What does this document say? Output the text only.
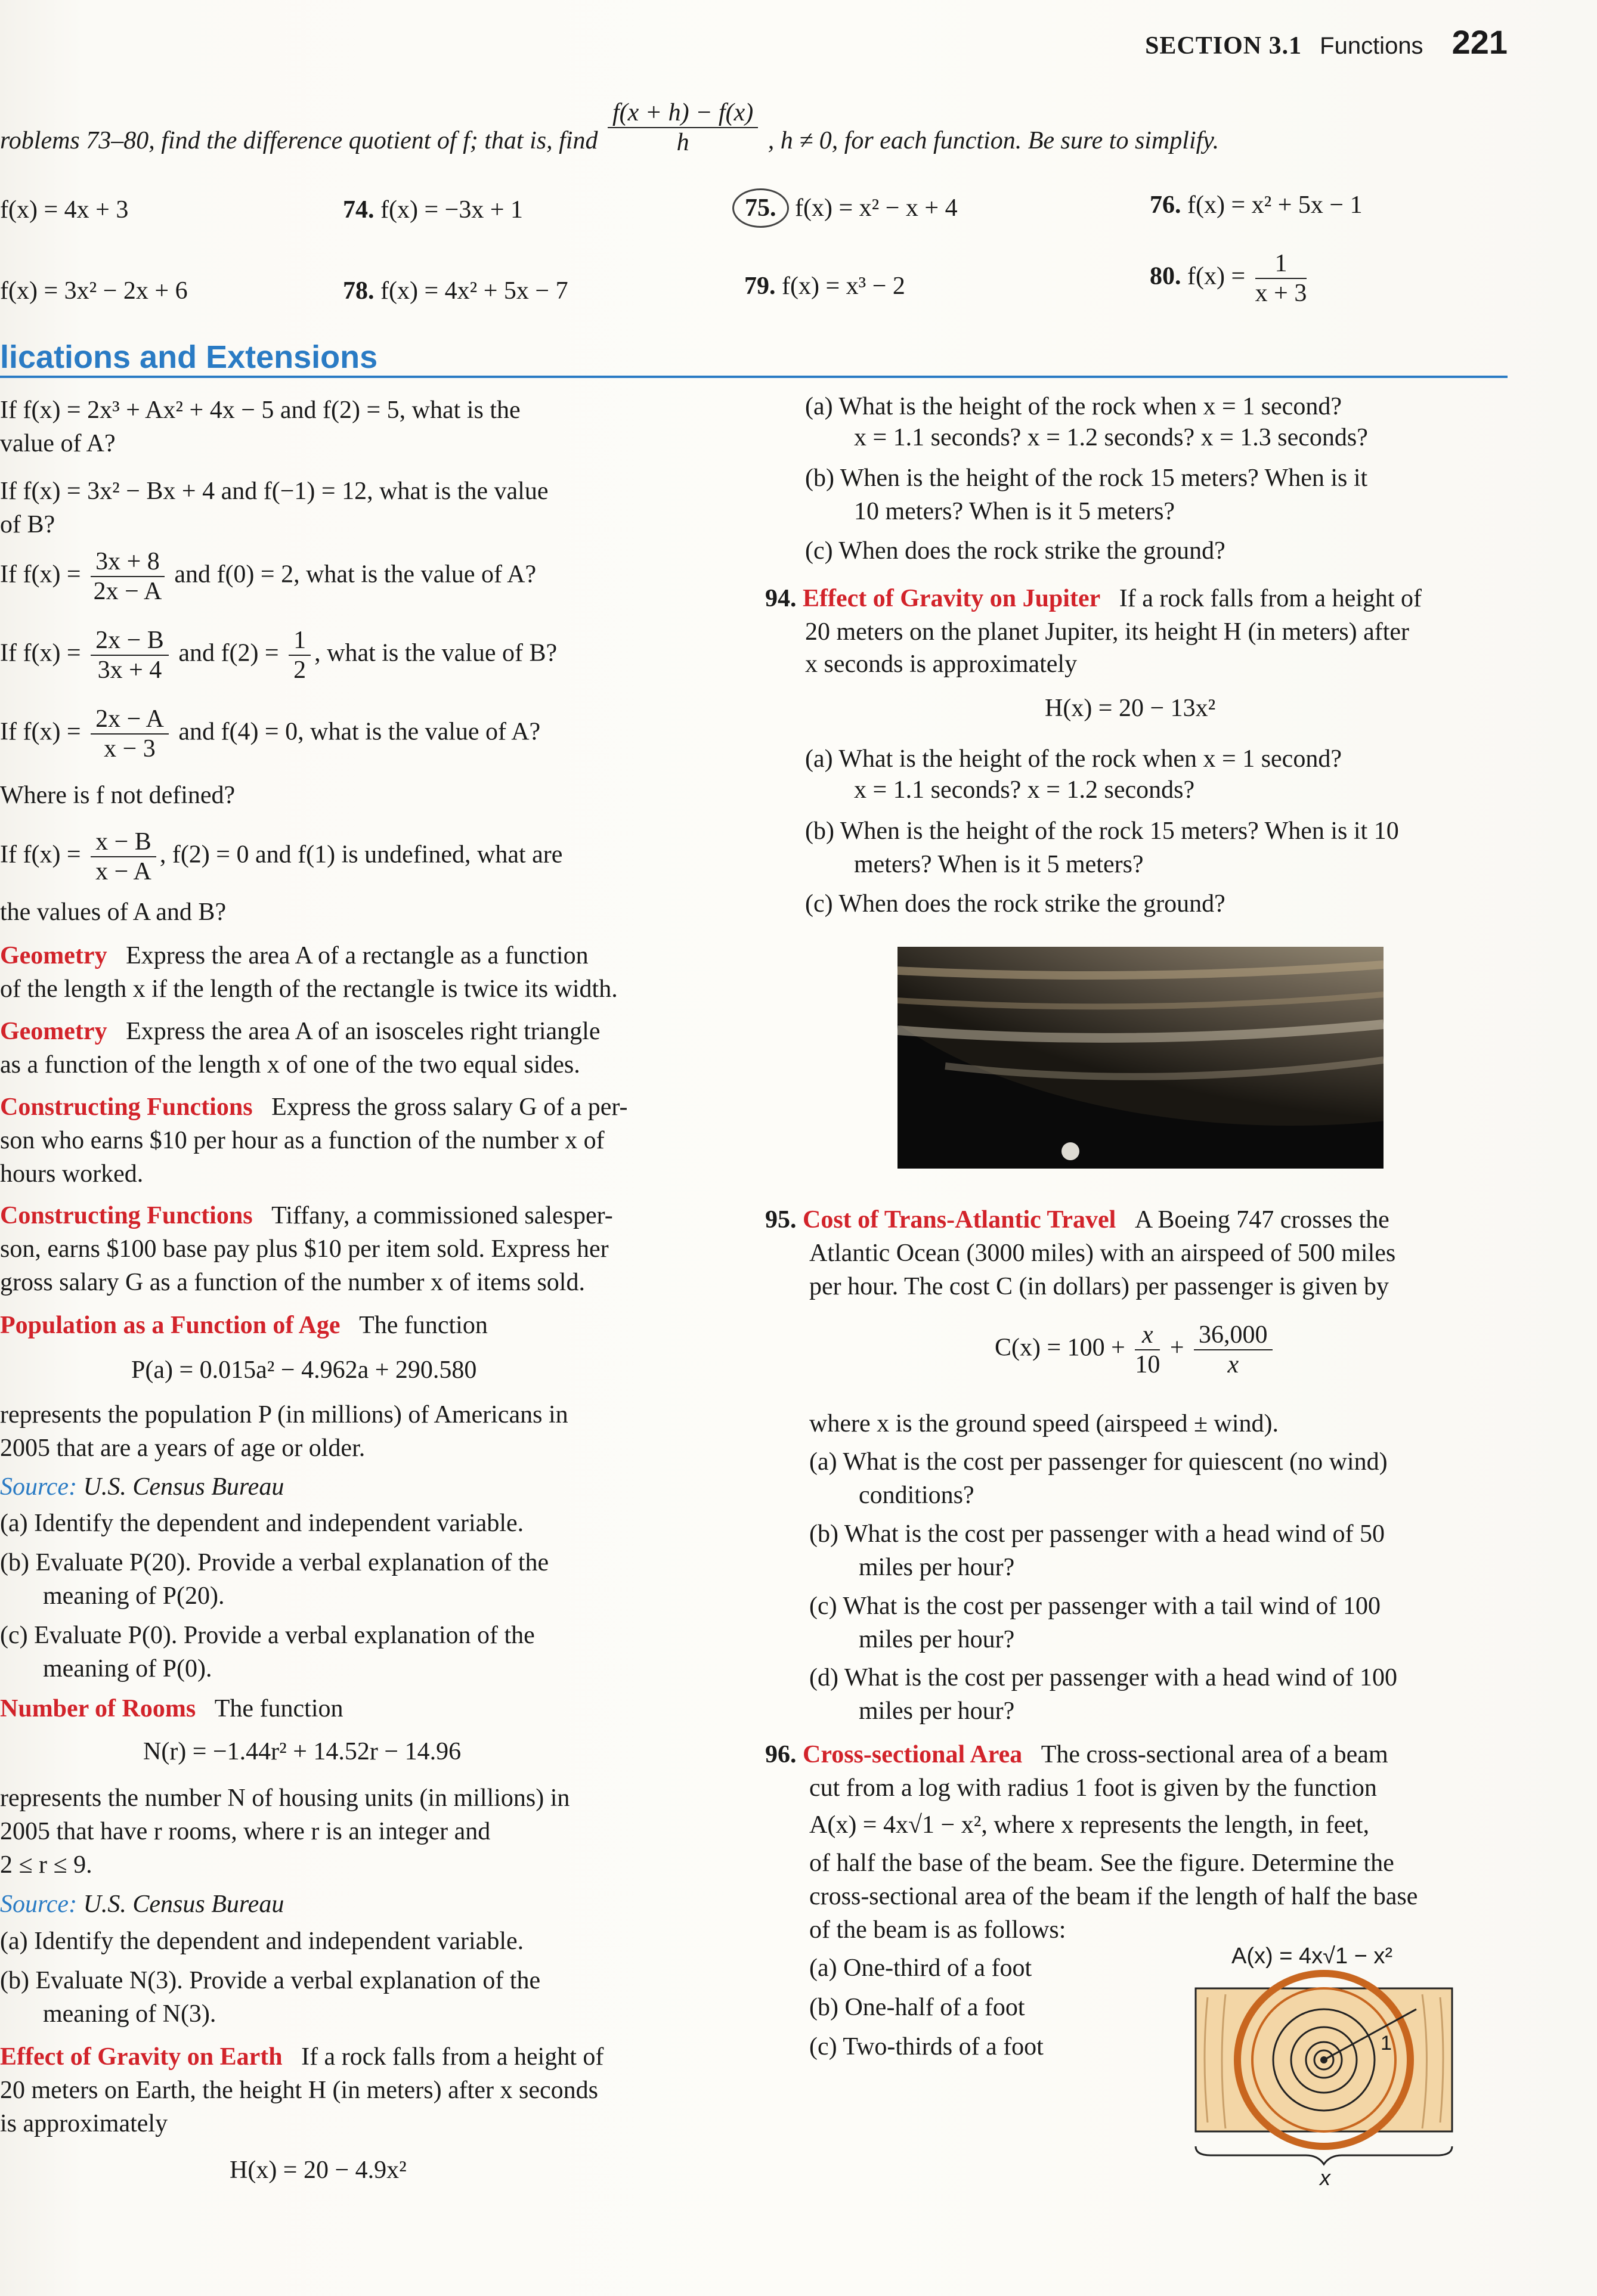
SECTION 3.1 Functions 221
roblems 73–80, find the difference quotient of f; that is, find $\frac{f(x + h) - f(x)}{h}$ , h ≠ 0, for each function. Be sure to simplify.
f(x) = 4x + 3	74. f(x) = −3x + 1	75. f(x) = x² − x + 4	76. f(x) = x² + 5x − 1
f(x) = 3x² − 2x + 6	78. f(x) = 4x² + 5x − 7	79. f(x) = x³ − 2	80. $f(x) = \frac{1}{x + 3}$
lications and Extensions
If f(x) = 2x³ + Ax² + 4x − 5 and f(2) = 5, what is the
value of A?
If f(x) = 3x² − Bx + 4 and f(−1) = 12, what is the value
of B?
If $f(x) = \frac{3x + 8}{2x - A}$ and f(0) = 2, what is the value of A?
If $f(x) = \frac{2x - B}{3x + 4}$ and $f(2) = \frac{1}{2}$ , what is the value of B?
If $f(x) = \frac{2x - A}{x - 3}$ and f(4) = 0, what is the value of A?
Where is f not defined?
If $f(x) = \frac{x - B}{x - A}$ , f(2) = 0 and f(1) is undefined, what are
the values of A and B?
Geometry Express the area A of a rectangle as a function
of the length x if the length of the rectangle is twice its width.
Geometry Express the area A of an isosceles right triangle
as a function of the length x of one of the two equal sides.
Constructing Functions Express the gross salary G of a per-
son who earns $10 per hour as a function of the number x of
hours worked.
Constructing Functions Tiffany, a commissioned salesper-
son, earns $100 base pay plus $10 per item sold. Express her
gross salary G as a function of the number x of items sold.
Population as a Function of Age The function
P(a) = 0.015a² − 4.962a + 290.580
represents the population P (in millions) of Americans in
2005 that are a years of age or older.
Source: U.S. Census Bureau
(a) Identify the dependent and independent variable.
(b) Evaluate P(20). Provide a verbal explanation of the
meaning of P(20).
(c) Evaluate P(0). Provide a verbal explanation of the
meaning of P(0).
Number of Rooms The function
N(r) = −1.44r² + 14.52r − 14.96
represents the number N of housing units (in millions) in
2005 that have r rooms, where r is an integer and
2 ≤ r ≤ 9.
Source: U.S. Census Bureau
(a) Identify the dependent and independent variable.
(b) Evaluate N(3). Provide a verbal explanation of the
meaning of N(3).
Effect of Gravity on Earth If a rock falls from a height of
20 meters on Earth, the height H (in meters) after x seconds
is approximately
H(x) = 20 − 4.9x²
(a) What is the height of the rock when x = 1 second?
x = 1.1 seconds? x = 1.2 seconds? x = 1.3 seconds?
(b) When is the height of the rock 15 meters? When is it
10 meters? When is it 5 meters?
(c) When does the rock strike the ground?
94. Effect of Gravity on Jupiter If a rock falls from a height of
20 meters on the planet Jupiter, its height H (in meters) after
x seconds is approximately
H(x) = 20 − 13x²
(a) What is the height of the rock when x = 1 second?
x = 1.1 seconds? x = 1.2 seconds?
(b) When is the height of the rock 15 meters? When is it 10
meters? When is it 5 meters?
(c) When does the rock strike the ground?
95. Cost of Trans-Atlantic Travel A Boeing 747 crosses the
Atlantic Ocean (3000 miles) with an airspeed of 500 miles
per hour. The cost C (in dollars) per passenger is given by
$C(x) = 100 + \frac{x}{10} + \frac{36,000}{x}$
where x is the ground speed (airspeed ± wind).
(a) What is the cost per passenger for quiescent (no wind)
conditions?
(b) What is the cost per passenger with a head wind of 50
miles per hour?
(c) What is the cost per passenger with a tail wind of 100
miles per hour?
(d) What is the cost per passenger with a head wind of 100
miles per hour?
96. Cross-sectional Area The cross-sectional area of a beam
cut from a log with radius 1 foot is given by the function
A(x) = 4x√1 − x², where x represents the length, in feet,
of half the base of the beam. See the figure. Determine the
cross-sectional area of the beam if the length of half the base
of the beam is as follows:
(a) One-third of a foot
(b) One-half of a foot
(c) Two-thirds of a foot
A(x) = 4x√1 − x²
1
x
